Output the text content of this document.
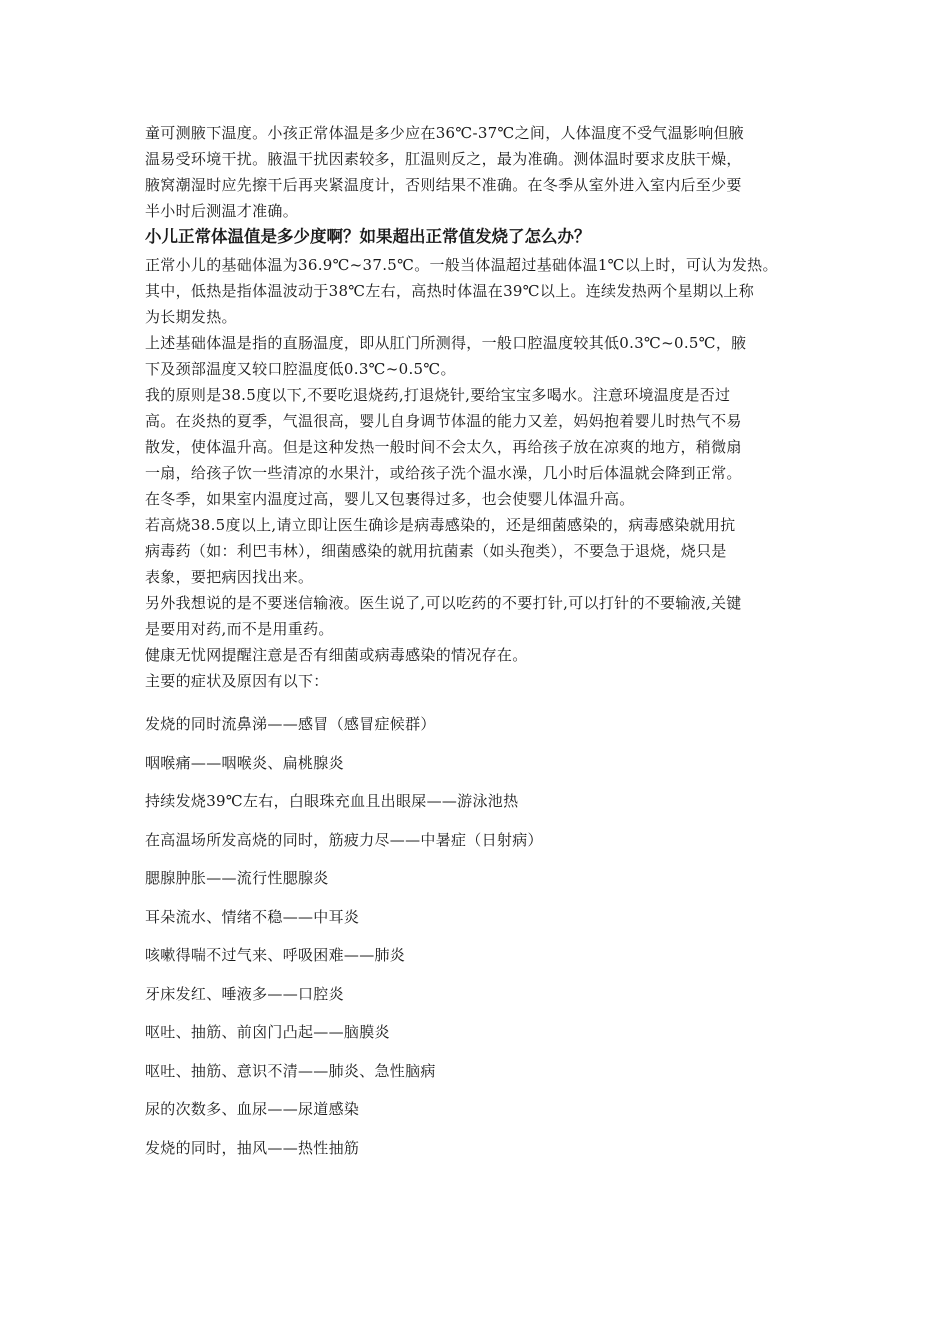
童可测腋下温度。小孩正常体温是多少应在36℃-37℃之间，人体温度不受气温影响但腋
温易受环境干扰。腋温干扰因素较多，肛温则反之，最为准确。测体温时要求皮肤干燥，
腋窝潮湿时应先擦干后再夹紧温度计，否则结果不准确。在冬季从室外进入室内后至少要
半小时后测温才准确。
小儿正常体温值是多少度啊？如果超出正常值发烧了怎么办？
正常小儿的基础体温为36.9℃~37.5℃。一般当体温超过基础体温1℃以上时，可认为发热。
其中，低热是指体温波动于38℃左右，高热时体温在39℃以上。连续发热两个星期以上称
为长期发热。
上述基础体温是指的直肠温度，即从肛门所测得，一般口腔温度较其低0.3℃~0.5℃，腋
下及颈部温度又较口腔温度低0.3℃~0.5℃。
我的原则是38.5度以下,不要吃退烧药,打退烧针,要给宝宝多喝水。注意环境温度是否过
高。在炎热的夏季，气温很高，婴儿自身调节体温的能力又差，妈妈抱着婴儿时热气不易
散发，使体温升高。但是这种发热一般时间不会太久，再给孩子放在凉爽的地方，稍微扇
一扇，给孩子饮一些清凉的水果汁，或给孩子洗个温水澡，几小时后体温就会降到正常。
在冬季，如果室内温度过高，婴儿又包裹得过多，也会使婴儿体温升高。
若高烧38.5度以上,请立即让医生确诊是病毒感染的，还是细菌感染的，病毒感染就用抗
病毒药（如：利巴韦林），细菌感染的就用抗菌素（如头孢类），不要急于退烧，烧只是
表象，要把病因找出来。
另外我想说的是不要迷信输液。医生说了,可以吃药的不要打针,可以打针的不要输液,关键
是要用对药,而不是用重药。
健康无忧网提醒注意是否有细菌或病毒感染的情况存在。
主要的症状及原因有以下：
发烧的同时流鼻涕——感冒（感冒症候群）
咽喉痛——咽喉炎、扁桃腺炎
持续发烧39℃左右，白眼珠充血且出眼屎——游泳池热
在高温场所发高烧的同时，筋疲力尽——中暑症（日射病）
腮腺肿胀——流行性腮腺炎
耳朵流水、情绪不稳——中耳炎
咳嗽得喘不过气来、呼吸困难——肺炎
牙床发红、唾液多——口腔炎
呕吐、抽筋、前囟门凸起——脑膜炎
呕吐、抽筋、意识不清——肺炎、急性脑病
尿的次数多、血尿——尿道感染
发烧的同时，抽风——热性抽筋
